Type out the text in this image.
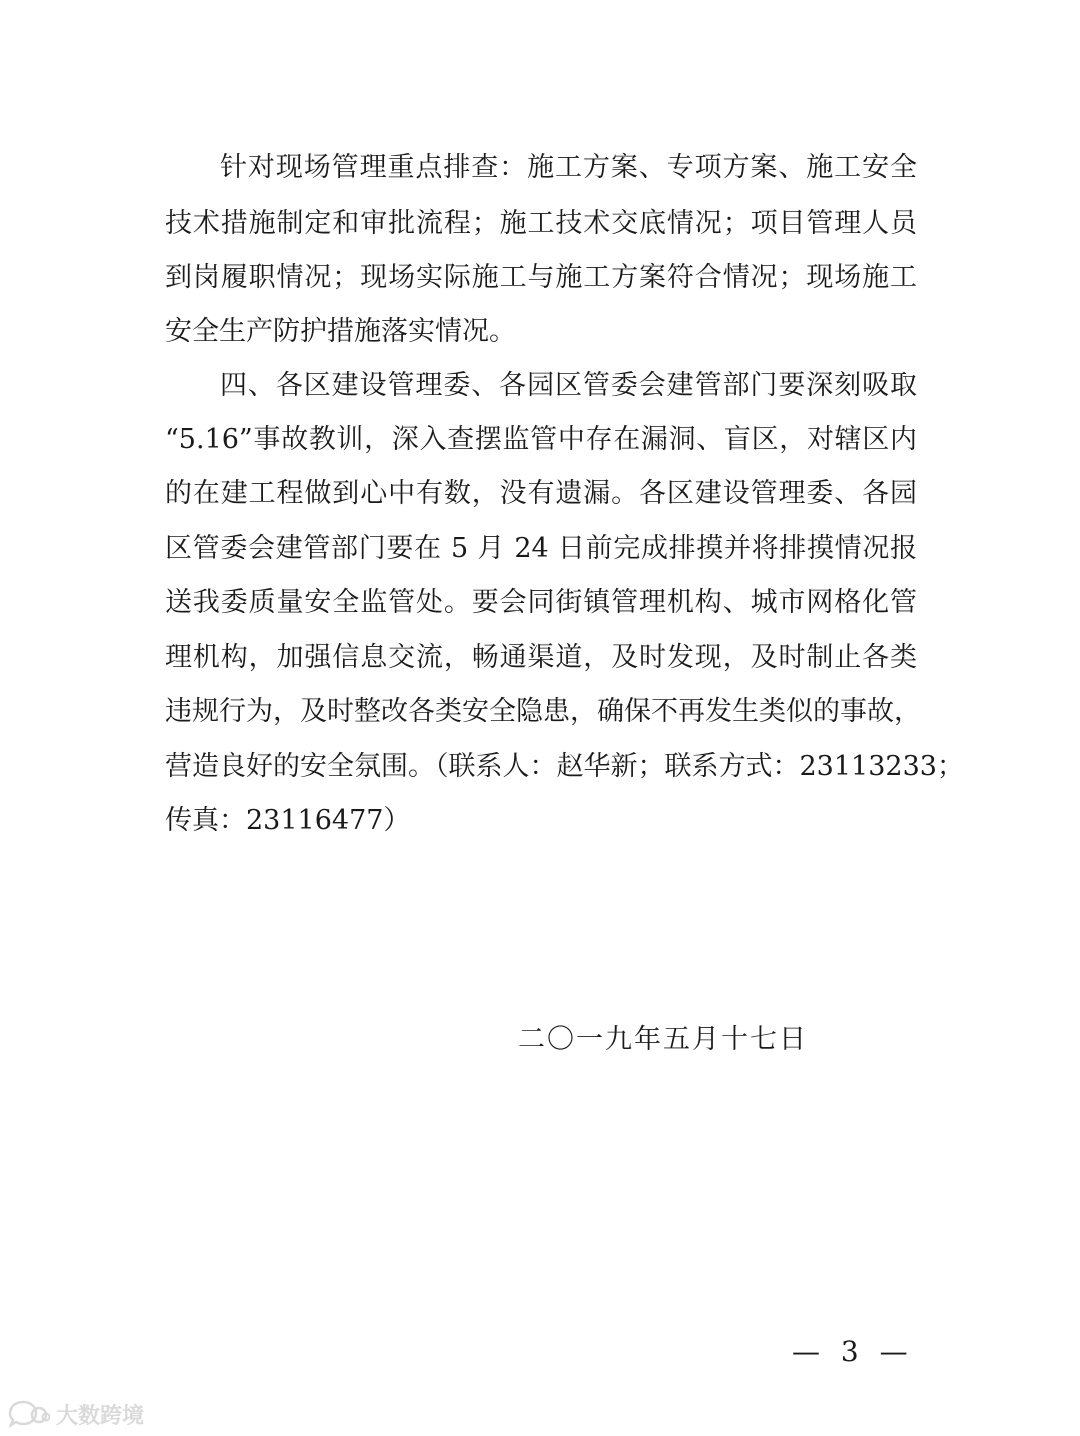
针对现场管理重点排查：施工方案、专项方案、施工安全
技术措施制定和审批流程；施工技术交底情况；项目管理人员
到岗履职情况；现场实际施工与施工方案符合情况；现场施工
安全生产防护措施落实情况。
四、各区建设管理委、各园区管委会建管部门要深刻吸取
“5.16”事故教训，深入查摆监管中存在漏洞、盲区，对辖区内
的在建工程做到心中有数，没有遗漏。各区建设管理委、各园
区管委会建管部门要在 5 月 24 日前完成排摸并将排摸情况报
送我委质量安全监管处。要会同街镇管理机构、城市网格化管
理机构，加强信息交流，畅通渠道，及时发现，及时制止各类
违规行为，及时整改各类安全隐患，确保不再发生类似的事故，
营造良好的安全氛围。（联系人：赵华新；联系方式：23113233；
传真：23116477）
二〇一九年五月十七日
— 3 —
大数跨境
